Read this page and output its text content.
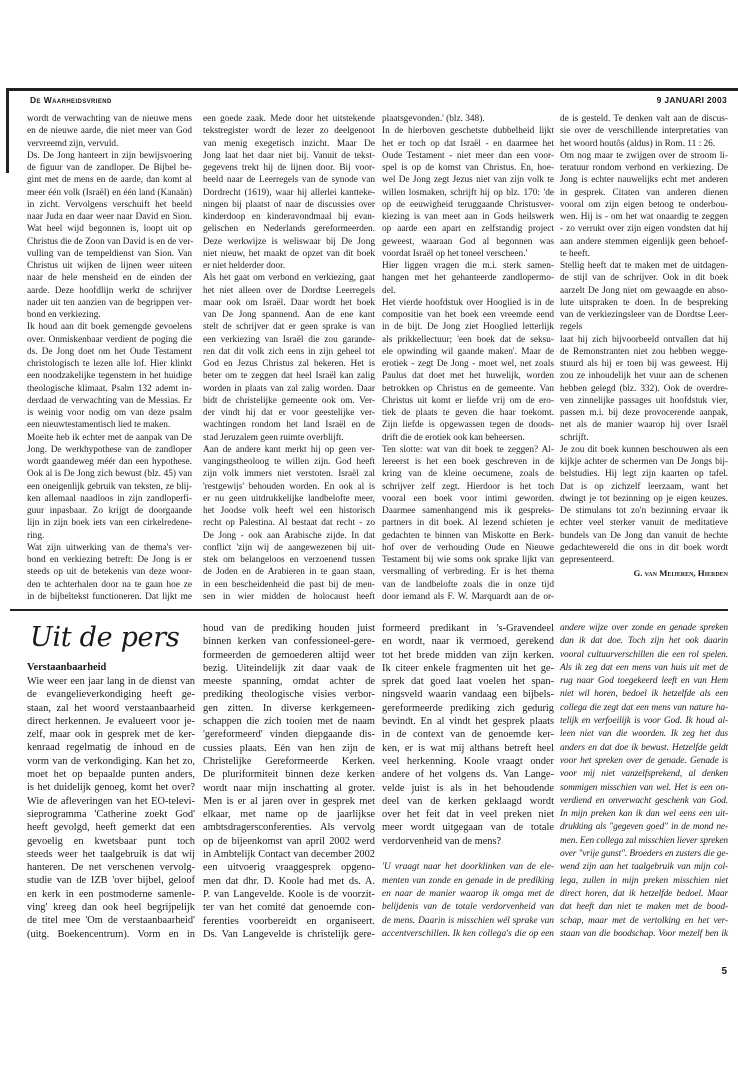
De Waarheidsvriend	9 JANUARI 2003
wordt de verwachting van de nieuwe mens
en de nieuwe aarde, die niet meer van God
vervreemd zijn, vervuld.
Ds. De Jong hanteert in zijn bewijsvoering
de figuur van de zandloper. De Bijbel be-
gint met de mens en de aarde, dan komt al
meer één volk (Israël) en één land (Kanaän)
in zicht. Vervolgens verschuift het beeld
naar Juda en daar weer naar David en Sion.
Wat heel wijd begonnen is, loopt uit op
Christus die de Zoon van David is en de ver-
vulling van de tempeldienst van Sion. Van
Christus uit wijken de lijnen weer uiteen
naar de hele mensheid en de einden der
aarde. Deze hoofdlijn werkt de schrijver
nader uit ten aanzien van de begrippen ver-
bond en verkiezing.
Ik houd aan dit boek gemengde gevoelens
over. Onmiskenbaar verdient de poging die
ds. De Jong doet om het Oude Testament
christologisch te lezen alle lof. Hier klinkt
een noodzakelijke tegenstem in het huidige
theologische klimaat. Psalm 132 ademt in-
derdaad de verwachting van de Messias. Er
is weinig voor nodig om van deze psalm
een nieuwtestamentisch lied te maken.
Moeite heb ik echter met de aanpak van De
Jong. De werkhypothese van de zandloper
wordt gaandeweg méér dan een hypothese.
Ook al is De Jong zich bewust (blz. 45) van
een oneigenlijk gebruik van teksten, ze blij-
ken allemaal naadloos in zijn zandloperfi-
guur inpasbaar. Zo krijgt de doorgaande
lijn in zijn boek iets van een cirkelredene-
ring.
Wat zijn uitwerking van de thema's ver-
bond en verkiezing betreft: De Jong is er
steeds op uit de betekenis van deze woor-
den te achterhalen door na te gaan hoe ze
in de bijbeltekst functioneren. Dat lijkt me
een goede zaak. Mede door het uitstekende
tekstregister wordt de lezer zo deelgenoot
van menig exegetisch inzicht. Maar De
Jong laat het daar niet bij. Vanuit de tekst-
gegevens trekt hij de lijnen door. Bij voor-
beeld naar de Leerregels van de synode van
Dordrecht (1619), waar hij allerlei kantteke-
ningen bij plaatst of naar de discussies over
kinderdoop en kinderavondmaal bij evan-
gelischen en Nederlands gereformeerden.
Deze werkwijze is weliswaar bij De Jong
niet nieuw, het maakt de opzet van dit boek
er niet helderder door.
Als het gaat om verbond en verkiezing, gaat
het niet alleen over de Dordtse Leerregels
maar ook om Israël. Daar wordt het boek
van De Jong spannend. Aan de ene kant
stelt de schrijver dat er geen sprake is van
een verkiezing van Israël die zou garande-
ren dat dit volk zich eens in zijn geheel tot
God en Jezus Christus zal bekeren. Het is
beter om te zeggen dat heel Israël kan zalig
worden in plaats van zal zalig worden. Daar
bidt de christelijke gemeente ook om. Ver-
der vindt hij dat er voor geestelijke ver-
wachtingen rondom het land Israël en de
stad Jeruzalem geen ruimte overblijft.
Aan de andere kant merkt hij op geen ver-
vangingstheoloog te willen zijn. God heeft
zijn volk immers niet verstoten. Israël zal
'restgewijs' behouden worden. En ook al is
er nu geen uitdrukkelijke landbelofte meer,
het Joodse volk heeft wel een historisch
recht op Palestina. Al bestaat dat recht - zo
De Jong - ook aan Arabische zijde. In dat
conflict 'zijn wij de aangewezenen bij uit-
stek om belangeloos en verzoenend tussen
de Joden en de Arabieren in te gaan staan,
in een bescheidenheid die past bij de men-
sen in wier midden de holocaust heeft
plaatsgevonden.' (blz. 348).
In de hierboven geschetste dubbelheid lijkt
het er toch op dat Israël - en daarmee het
Oude Testament - niet meer dan een voor-
spel is op de komst van Christus. En, hoe-
wel De Jong zegt Jezus niet van zijn volk te
willen losmaken, schrijft hij op blz. 170: 'de
op de eeuwigheid teruggaande Christusver-
kiezing is van meet aan in Gods heilswerk
op aarde een apart en zelfstandig project
geweest, waaraan God al begonnen was
voordat Israël op het toneel verscheen.'
Hier liggen vragen die m.i. sterk samen-
hangen met het gehanteerde zandlopermo-
del.
Het vierde hoofdstuk over Hooglied is in de
compositie van het boek een vreemde eend
in de bijt. De Jong ziet Hooglied letterlijk
als prikkellectuur; 'een boek dat de seksu-
ele opwinding wil gaande maken'. Maar de
erotiek - zegt De Jong - moet wel, net zoals
Paulus dat doet met het huwelijk, worden
betrokken op Christus en de gemeente. Van
Christus uit komt er liefde vrij om de ero-
tiek de plaats te geven die haar toekomt.
Zijn liefde is opgewassen tegen de doods-
drift die de erotiek ook kan beheersen.
Ten slotte: wat van dit boek te zeggen? Al-
lereerst is het een boek geschreven in de
kring van de kleine oecumene, zoals de
schrijver zelf zegt. Hierdoor is het toch
vooral een boek voor intimi geworden.
Daarmee samenhangend mis ik gespreks-
partners in dit boek. Al lezend schieten je
gedachten te binnen van Miskotte en Berk-
hof over de verhouding Oude en Nieuwe
Testament bij wie soms ook sprake lijkt van
versmalling of verbreding. Er is het thema
van de landbelofte zoals die in onze tijd
door iemand als F. W. Marquardt aan de or-
de is gesteld. Te denken valt aan de discus-
sie over de verschillende interpretaties van
het woord houtôs (aldus) in Rom. 11 : 26.
Om nog maar te zwijgen over de stroom li-
teratuur rondom verbond en verkiezing. De
Jong is echter nauwelijks echt met anderen
in gesprek. Citaten van anderen dienen
vooral om zijn eigen betoog te onderbou-
wen. Hij is - om het wat onaardig te zeggen
- zo verrukt over zijn eigen vondsten dat hij
aan andere stemmen eigenlijk geen behoef-
te heeft.
Stellig heeft dat te maken met de uitdagen-
de stijl van de schrijver. Ook in dit boek
aarzelt De Jong niet om gewaagde en abso-
lute uitspraken te doen. In de bespreking
van de verkiezingsleer van de Dordtse Leer-
regels
laat hij zich bijvoorbeeld ontvallen dat hij
de Remonstranten niet zou hebben wegge-
stuurd als hij er toen bij was geweest. Hij
zou ze inhoudelijk het vuur aan de schenen
hebben gelegd (blz. 332). Ook de overdre-
ven zinnelijke passages uit hoofdstuk vier,
passen m.i. bij deze provocerende aanpak,
net als de manier waarop hij over Israël
schrijft.
Je zou dit boek kunnen beschouwen als een
kijkje achter de schermen van De Jongs bij-
belstudies. Hij legt zijn kaarten op tafel.
Dat is op zichzelf leerzaam, want het
dwingt je tot bezinning op je eigen keuzes.
De stimulans tot zo'n bezinning ervaar ik
echter veel sterker vanuit de meditatieve
bundels van De Jong dan vanuit de hechte
gedachtewereld die ons in dit boek wordt
gepresenteerd.
G. van Meijeren, Hierden
Uit de pers
Verstaanbaarheid
Wie weer een jaar lang in de dienst van
de evangelieverkondiging heeft ge-
staan, zal het woord verstaanbaarheid
direct herkennen. Je evalueert voor je-
zelf, maar ook in gesprek met de ker-
kenraad regelmatig de inhoud en de
vorm van de verkondiging. Kan het zo,
moet het op bepaalde punten anders,
is het duidelijk genoeg, komt het over?
Wie de afleveringen van het EO-televi-
sieprogramma 'Catherine zoekt God'
heeft gevolgd, heeft gemerkt dat een
gevoelig en kwetsbaar punt toch
steeds weer het taalgebruik is dat wij
hanteren. De net verschenen vervolg-
studie van de IZB 'over bijbel, geloof
en kerk in een postmoderne samenle-
ving' kreeg dan ook heel begrijpelijk
de titel mee 'Om de verstaanbaarheid'
(uitg. Boekencentrum). Vorm en in
houd van de prediking houden juist
binnen kerken van confessioneel-gere-
formeerden de gemoederen altijd weer
bezig. Uiteindelijk zit daar vaak de
meeste spanning, omdat achter de
prediking theologische visies verbor-
gen zitten. In diverse kerkgemeen-
schappen die zich tooien met de naam
'gereformeerd' vinden diepgaande dis-
cussies plaats. Eén van hen zijn de
Christelijke Gereformeerde Kerken.
De pluriformiteit binnen deze kerken
wordt naar mijn inschatting al groter.
Men is er al jaren over in gesprek met
elkaar, met name op de jaarlijkse
ambtsdragersconferenties. Als vervolg
op de bijeenkomst van april 2002 werd
in Ambtelijk Contact van december 2002
een uitvoerig vraaggesprek opgeno-
men dat dhr. D. Koole had met ds. A.
P. van Langevelde. Koole is de voorzit-
ter van het comité dat genoemde con-
ferenties voorbereidt en organiseert.
Ds. Van Langevelde is christelijk gere-
formeerd predikant in 's-Gravendeel
en wordt, naar ik vermoed, gerekend
tot het brede midden van zijn kerken.
Ik citeer enkele fragmenten uit het ge-
sprek dat goed laat voelen het span-
ningsveld waarin vandaag een bijbels-
gereformeerde prediking zich gedurig
bevindt. En al vindt het gesprek plaats
in de context van de genoemde ker-
ken, er is wat mij althans betreft heel
veel herkenning. Koole vraagt onder
andere of het volgens ds. Van Lange-
velde juist is als in het behoudende
deel van de kerken geklaagd wordt
over het feit dat in veel preken niet
meer wordt uitgegaan van de totale
verdorvenheid van de mens?
'U vraagt naar het doorklinken van de ele-
menten van zonde en genade in de prediking
en naar de manier waarop ik omga met de
belijdenis van de totale verdorvenheid van
de mens. Daarin is misschien wél sprake van
accentverschillen. Ik ken collega's die op een
andere wijze over zonde en genade spreken
dan ik dat doe. Toch zijn het ook daarin
vooral cultuurverschillen die een rol spelen.
Als ik zeg dat een mens van huis uit met de
rug naar God toegekeerd leeft en van Hem
niet wil horen, bedoel ik hetzelfde als een
collega die zegt dat een mens van nature ha-
telijk en verfoeilijk is voor God. Ik houd al-
leen niet van die woorden. Ik zeg het dus
anders en dat doe ik bewust. Hetzelfde geldt
voor het spreken over de genade. Genade is
voor mij niet vanzelfsprekend, al denken
sommigen misschien van wel. Het is een on-
verdiend en onverwacht geschenk van God.
In mijn preken kan ik dan wel eens een uit-
drukking als "gegeven goed" in de mond ne-
men. Een collega zal misschien liever spreken
over "vrije gunst". Broeders en zusters die ge-
wend zijn aan het taalgebruik van mijn col-
lega, zullen in mijn preken misschien niet
direct horen, dat ik hetzelfde bedoel. Maar
dat heeft dan niet te maken met de bood-
schap, maar met de vertolking en het ver-
staan van die boodschap. Voor mezelf ben ik
5
